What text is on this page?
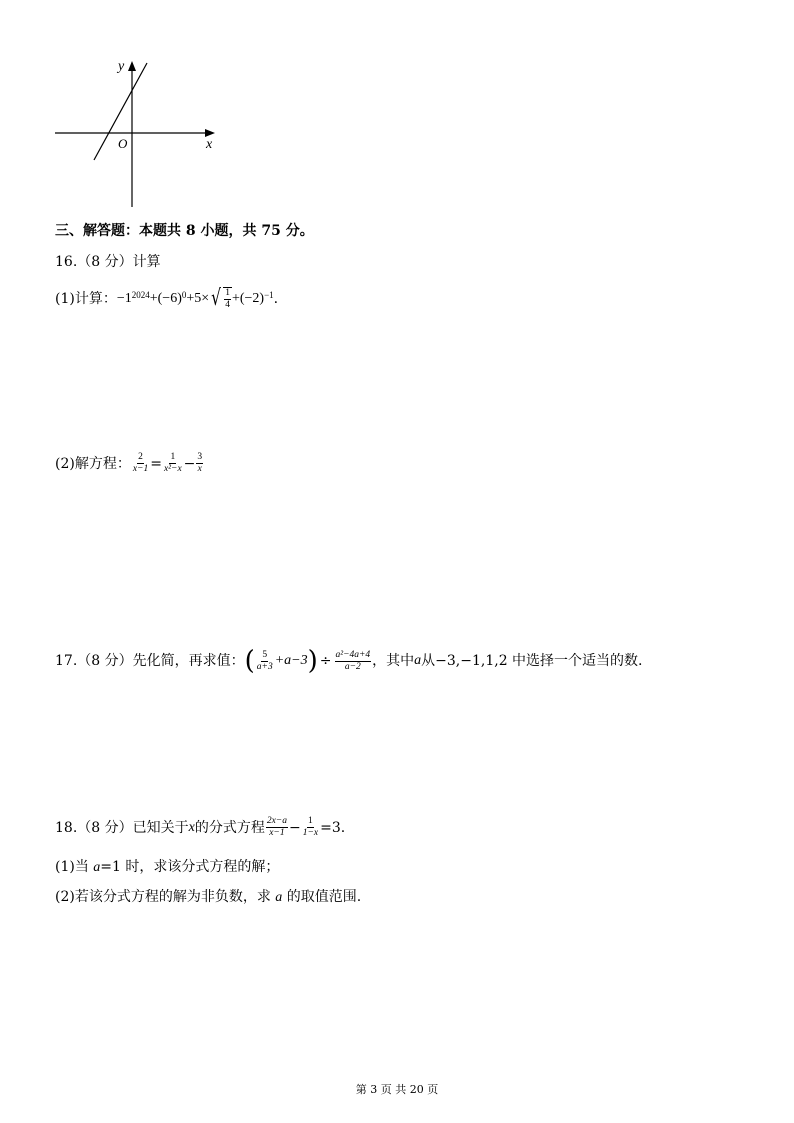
y
x
O
三、解答题：本题共 8 小题，共 75 分。
16.（8 分）计算
(1)计算： $-1^{2024} +(-6)^0 +5\times$ √ $\frac{1}{4} +(-2)^{-1}$ .
(2)解方程： $\frac{2}{x-1} = \frac{1}{\text{x²−x}} - \frac{3}{x}$
17.（8 分）先化简，再求值： ( $\frac{5}{a+3} +a-3$ ) ÷ $\frac{\text{a²−4a+4}}{a-2}$ ，其中 a 从−3,−1,1,2 中选择一个适当的数.
18.（8 分）已知关于 x 的分式方程 $\frac{2x-a}{x-1} - \frac{1}{1-x} =3$.
(1)当 a=1 时，求该分式方程的解；
(2)若该分式方程的解为非负数，求 a 的取值范围.
第 3 页 共 20 页
